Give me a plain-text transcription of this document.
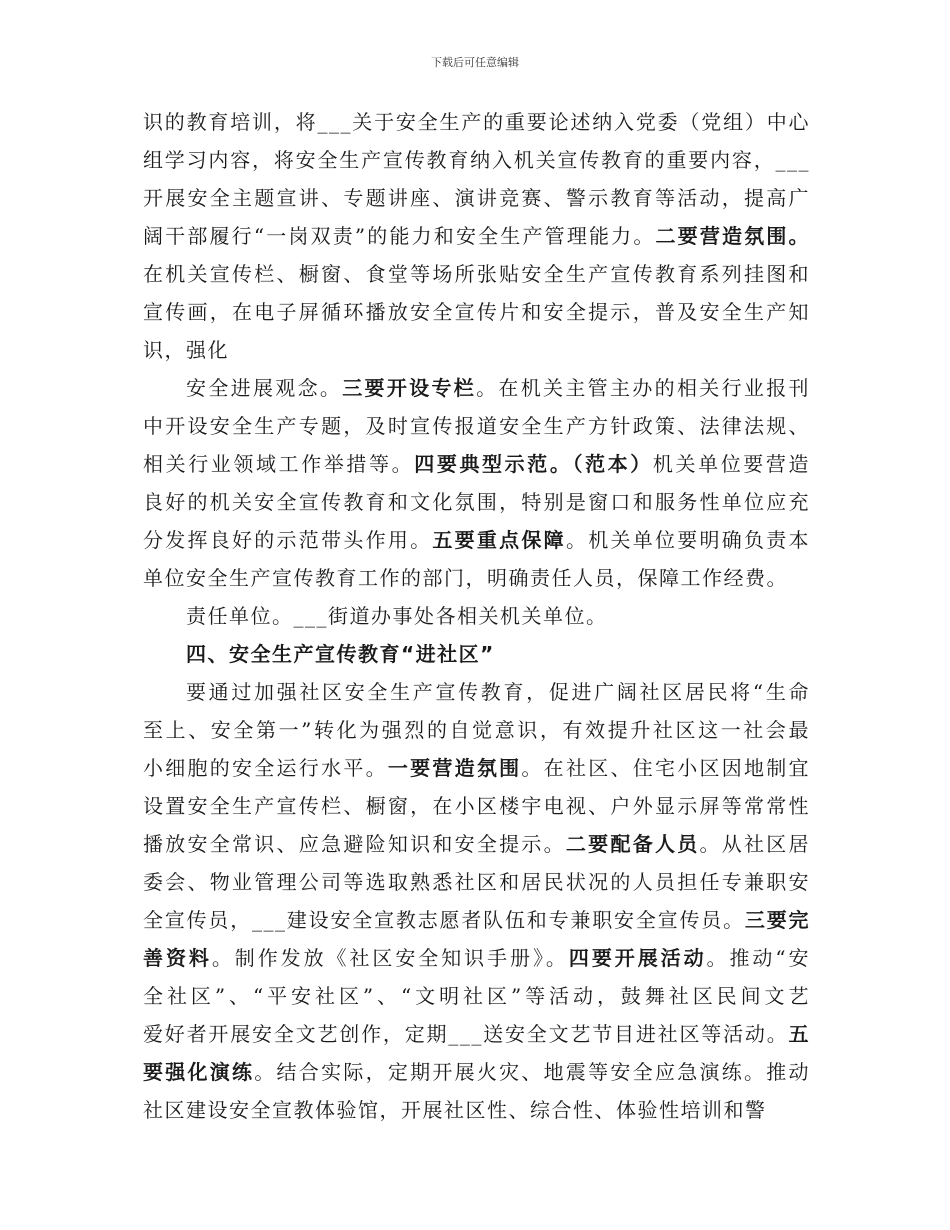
下载后可任意编辑
识的教育培训，将___关于安全生产的重要论述纳入党委（党组）中心
组学习内容，将安全生产宣传教育纳入机关宣传教育的重要内容，___
开展安全主题宣讲、专题讲座、演讲竞赛、警示教育等活动，提高广
阔干部履行“一岗双责”的能力和安全生产管理能力。二要营造氛围。
在机关宣传栏、橱窗、食堂等场所张贴安全生产宣传教育系列挂图和
宣传画，在电子屏循环播放安全宣传片和安全提示，普及安全生产知
识，强化
安全进展观念。三要开设专栏。在机关主管主办的相关行业报刊
中开设安全生产专题，及时宣传报道安全生产方针政策、法律法规、
相关行业领域工作举措等。四要典型示范。（范本）机关单位要营造
良好的机关安全宣传教育和文化氛围，特别是窗口和服务性单位应充
分发挥良好的示范带头作用。五要重点保障。机关单位要明确负责本
单位安全生产宣传教育工作的部门，明确责任人员，保障工作经费。
责任单位。___街道办事处各相关机关单位。
四、安全生产宣传教育“进社区”
要通过加强社区安全生产宣传教育，促进广阔社区居民将“生命
至上、安全第一”转化为强烈的自觉意识，有效提升社区这一社会最
小细胞的安全运行水平。一要营造氛围。在社区、住宅小区因地制宜
设置安全生产宣传栏、橱窗，在小区楼宇电视、户外显示屏等常常性
播放安全常识、应急避险知识和安全提示。二要配备人员。从社区居
委会、物业管理公司等选取熟悉社区和居民状况的人员担任专兼职安
全宣传员，___建设安全宣教志愿者队伍和专兼职安全宣传员。三要完
善资料。制作发放《社区安全知识手册》。四要开展活动。推动“安
全社区”、“平安社区”、“文明社区”等活动，鼓舞社区民间文艺
爱好者开展安全文艺创作，定期___送安全文艺节目进社区等活动。五
要强化演练。结合实际，定期开展火灾、地震等安全应急演练。推动
社区建设安全宣教体验馆，开展社区性、综合性、体验性培训和警
